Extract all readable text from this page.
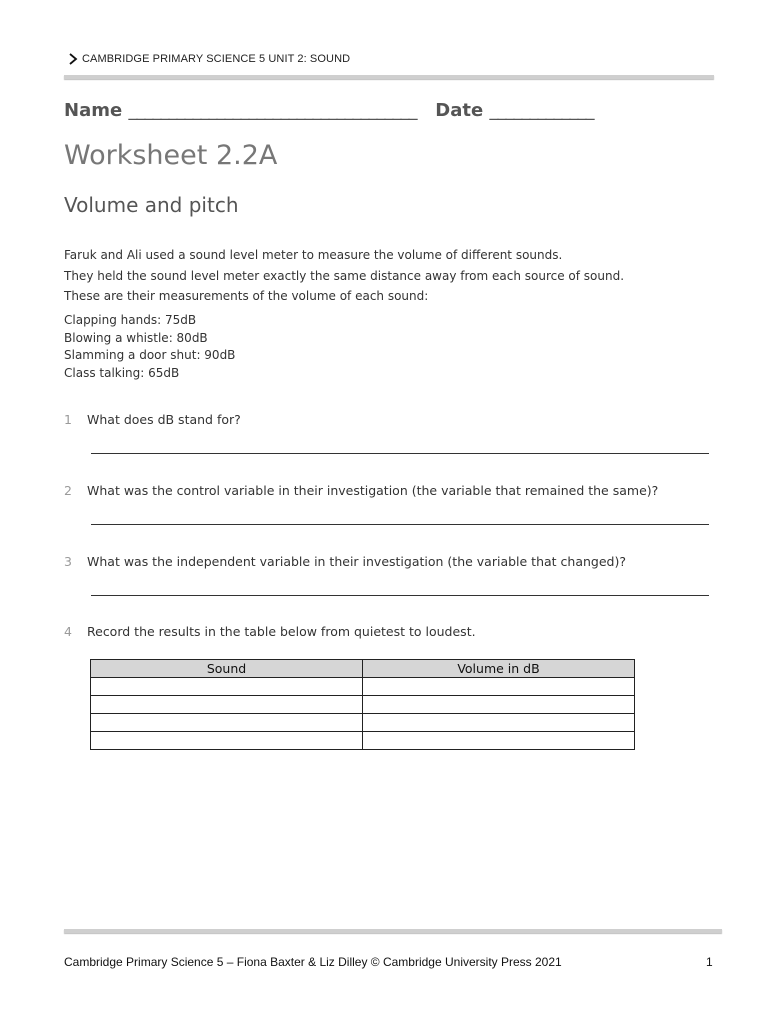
CAMBRIDGE PRIMARY SCIENCE 5 UNIT 2: SOUND
Name ____________________________________ Date _____________
Worksheet 2.2A
Volume and pitch

Faruk and Ali used a sound level meter to measure the volume of different sounds.

They held the sound level meter exactly the same distance away from each source of sound.

These are their measurements of the volume of each sound:

Clapping hands: 75dB
Blowing a whistle: 80dB
Slamming a door shut: 90dB
Class talking: 65dB
1 What does dB stand for?
2 What was the control variable in their investigation (the variable that remained the same)?
3 What was the independent variable in their investigation (the variable that changed)?
4 Record the results in the table below from quietest to loudest.
Sound	Volume in dB

Cambridge Primary Science 5 – Fiona Baxter & Liz Dilley © Cambridge University Press 2021	1
